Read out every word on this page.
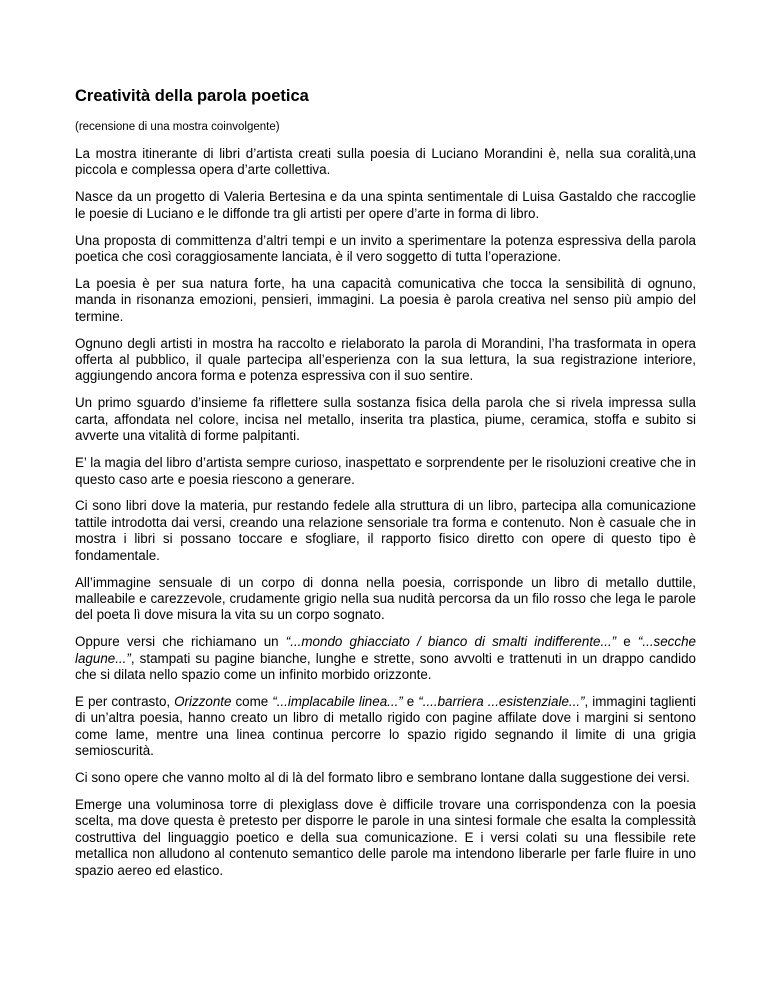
Creatività della parola poetica
(recensione di una mostra coinvolgente)

La mostra itinerante di libri d’artista creati sulla poesia di Luciano Morandini è, nella sua coralità,una piccola e complessa opera d’arte collettiva.

Nasce da un progetto di Valeria Bertesina e da una spinta sentimentale di Luisa Gastaldo che raccoglie le poesie di Luciano e le diffonde tra gli artisti per opere d’arte in forma di libro.

Una proposta di committenza d’altri tempi e un invito a sperimentare la potenza espressiva della parola poetica che così coraggiosamente lanciata, è il vero soggetto di tutta l’operazione.

La poesia è per sua natura forte, ha una capacità comunicativa che tocca la sensibilità di ognuno, manda in risonanza emozioni, pensieri, immagini. La poesia è parola creativa nel senso più ampio del termine.

Ognuno degli artisti in mostra ha raccolto e rielaborato la parola di Morandini, l’ha trasformata in opera offerta al pubblico, il quale partecipa all’esperienza con la sua lettura, la sua registrazione interiore, aggiungendo ancora forma e potenza espressiva con il suo sentire.

Un primo sguardo d’insieme fa riflettere sulla sostanza fisica della parola che si rivela impressa sulla carta, affondata nel colore, incisa nel metallo, inserita tra plastica, piume, ceramica, stoffa e subito si avverte una vitalità di forme palpitanti.

E’ la magia del libro d’artista sempre curioso, inaspettato e sorprendente per le risoluzioni creative che in questo caso arte e poesia riescono a generare.

Ci sono libri dove la materia, pur restando fedele alla struttura di un libro, partecipa alla comunicazione tattile introdotta dai versi, creando una relazione sensoriale tra forma e contenuto. Non è casuale che in mostra i libri si possano toccare e sfogliare, il rapporto fisico diretto con opere di questo tipo è fondamentale.

All’immagine sensuale di un corpo di donna nella poesia, corrisponde un libro di metallo duttile, malleabile e carezzevole, crudamente grigio nella sua nudità percorsa da un filo rosso che lega le parole del poeta lì dove misura la vita su un corpo sognato.

Oppure versi che richiamano un “...mondo ghiacciato / bianco di smalti indifferente...” e “...secche lagune...”, stampati su pagine bianche, lunghe e strette, sono avvolti e trattenuti in un drappo candido che si dilata nello spazio come un infinito morbido orizzonte.

E per contrasto, Orizzonte come “...implacabile linea...” e “....barriera ...esistenziale...”, immagini taglienti di un’altra poesia, hanno creato un libro di metallo rigido con pagine affilate dove i margini si sentono come lame, mentre una linea continua percorre lo spazio rigido segnando il limite di una grigia semioscurità.

Ci sono opere che vanno molto al di là del formato libro e sembrano lontane dalla suggestione dei versi.

Emerge una voluminosa torre di plexiglass dove è difficile trovare una corrispondenza con la poesia scelta, ma dove questa è pretesto per disporre le parole in una sintesi formale che esalta la complessità costruttiva del linguaggio poetico e della sua comunicazione. E i versi colati su una flessibile rete metallica non alludono al contenuto semantico delle parole ma intendono liberarle per farle fluire in uno spazio aereo ed elastico.
